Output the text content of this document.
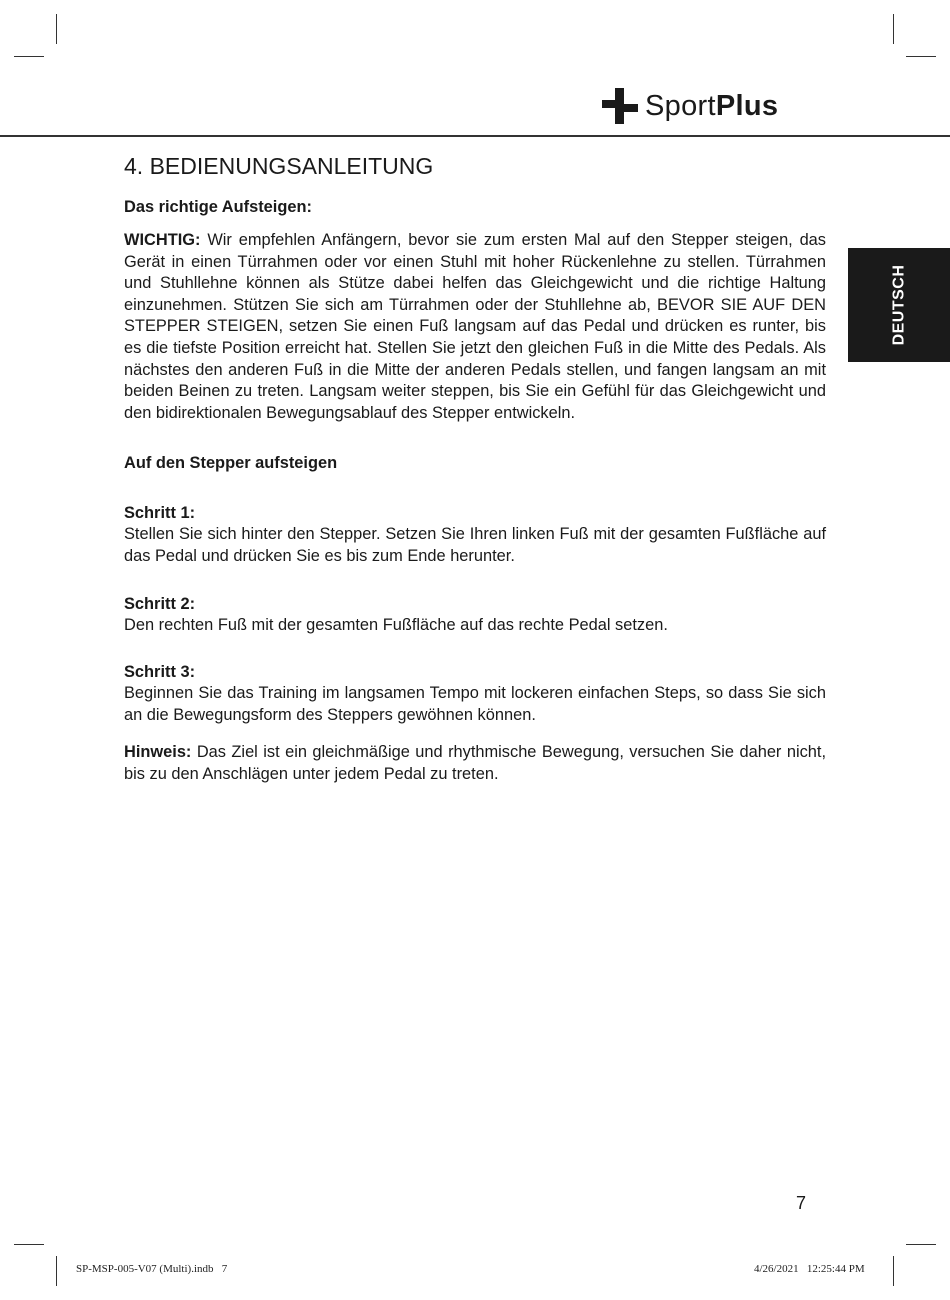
SportPlus
DEUTSCH
4. BEDIENUNGSANLEITUNG
Das richtige Aufsteigen:

WICHTIG: Wir empfehlen Anfängern, bevor sie zum ersten Mal auf den Stepper steigen, das Gerät in einen Türrahmen oder vor einen Stuhl mit hoher Rückenlehne zu stellen. Türrahmen und Stuhllehne können als Stütze dabei helfen das Gleichgewicht und die richtige Haltung einzunehmen. Stützen Sie sich am Türrahmen oder der Stuhllehne ab, BEVOR SIE AUF DEN STEPPER STEIGEN, setzen Sie einen Fuß langsam auf das Pedal und drücken es runter, bis es die tiefste Position erreicht hat. Stellen Sie jetzt den gleichen Fuß in die Mitte des Pedals. Als nächstes den anderen Fuß in die Mitte der anderen Pedals stellen, und fangen langsam an mit beiden Beinen zu treten. Langsam weiter steppen, bis Sie ein Gefühl für das Gleichgewicht und den bidirektionalen Bewegungsablauf des Stepper entwickeln.

Auf den Stepper aufsteigen
Schritt 1:

Stellen Sie sich hinter den Stepper. Setzen Sie Ihren linken Fuß mit der gesamten Fußfläche auf das Pedal und drücken Sie es bis zum Ende herunter.

Schritt 2:

Den rechten Fuß mit der gesamten Fußfläche auf das rechte Pedal setzen.

Schritt 3:

Beginnen Sie das Training im langsamen Tempo mit lockeren einfachen Steps, so dass Sie sich an die Bewegungsform des Steppers gewöhnen können.

Hinweis: Das Ziel ist ein gleichmäßige und rhythmische Bewegung, versuchen Sie daher nicht, bis zu den Anschlägen unter jedem Pedal zu treten.

7
SP-MSP-005-V07 (Multi).indb   7	4/26/2021   12:25:44 PM
